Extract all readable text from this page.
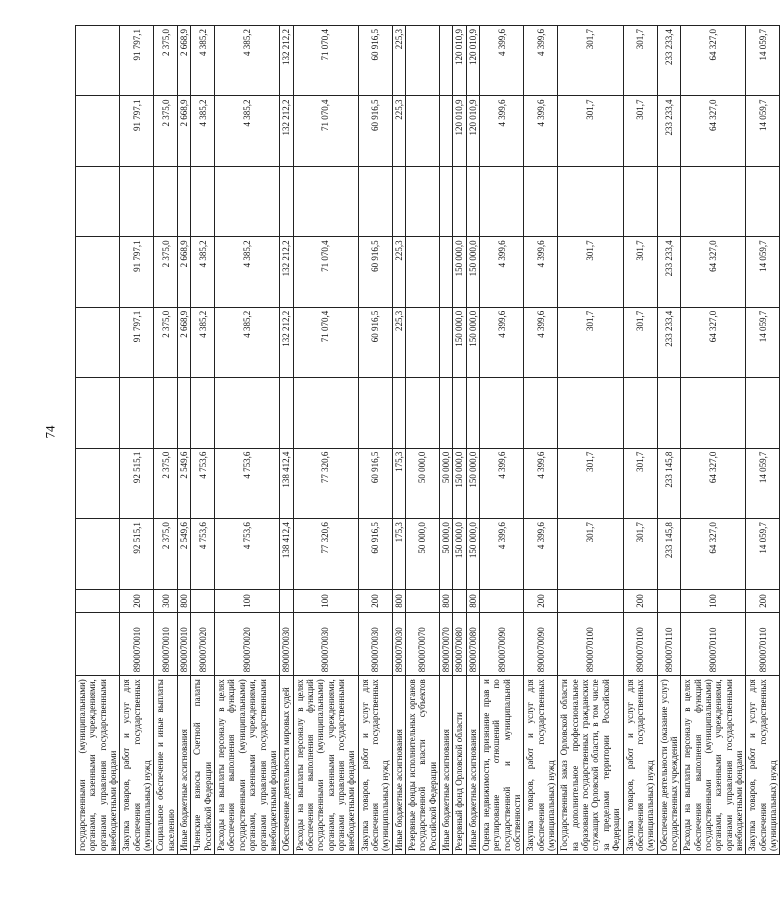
74
государственными (муниципальными) органами, казенными учреждениями, органами управления государственными внебюджетными фондами										
Закупка товаров, работ и услуг для обеспечения государственных (муниципальных) нужд	8900070010	200	92 515,1	92 515,1		91 797,1	91 797,1		91 797,1	91 797,1
Социальное обеспечение и иные выплаты населению	8900070010	300	2 375,0	2 375,0		2 375,0	2 375,0		2 375,0	2 375,0
Иные бюджетные ассигнования	8900070010	800	2 549,6	2 549,6		2 668,9	2 668,9		2 668,9	2 668,9
Членские взносы Счетной палаты Российской Федерации	8900070020		4 753,6	4 753,6		4 385,2	4 385,2		4 385,2	4 385,2
Расходы на выплаты персоналу в целях обеспечения выполнения функций государственными (муниципальными) органами, казенными учреждениями, органами управления государственными внебюджетными фондами	8900070020	100	4 753,6	4 753,6		4 385,2	4 385,2		4 385,2	4 385,2
Обеспечение деятельности мировых судей	8900070030		138 412,4	138 412,4		132 212,2	132 212,2		132 212,2	132 212,2
Расходы на выплаты персоналу в целях обеспечения выполнения функций государственными (муниципальными) органами, казенными учреждениями, органами управления государственными внебюджетными фондами	8900070030	100	77 320,6	77 320,6		71 070,4	71 070,4		71 070,4	71 070,4
Закупка товаров, работ и услуг для обеспечения государственных (муниципальных) нужд	8900070030	200	60 916,5	60 916,5		60 916,5	60 916,5		60 916,5	60 916,5
Иные бюджетные ассигнования	8900070030	800	175,3	175,3		225,3	225,3		225,3	225,3
Резервные фонды исполнительных органов государственной власти субъектов Российской Федерации	8900070070		50 000,0	50 000,0						
Иные бюджетные ассигнования	8900070070	800	50 000,0	50 000,0						
Резервный фонд Орловской области	8900070080		150 000,0	150 000,0		150 000,0	150 000,0		120 010,9	120 010,9
Иные бюджетные ассигнования	8900070080	800	150 000,0	150 000,0		150 000,0	150 000,0		120 010,9	120 010,9
Оценка недвижимости, признание прав и регулирование отношений по государственной и муниципальной собственности	8900070090		4 399,6	4 399,6		4 399,6	4 399,6		4 399,6	4 399,6
Закупка товаров, работ и услуг для обеспечения государственных (муниципальных) нужд	8900070090	200	4 399,6	4 399,6		4 399,6	4 399,6		4 399,6	4 399,6
Государственный заказ Орловской области на дополнительное профессиональное образование государственных гражданских служащих Орловской области, в том числе за пределами территории Российской Федерации	8900070100		301,7	301,7		301,7	301,7		301,7	301,7
Закупка товаров, работ и услуг для обеспечения государственных (муниципальных) нужд	8900070100	200	301,7	301,7		301,7	301,7		301,7	301,7
Обеспечение деятельности (оказание услуг) государственных учреждений	8900070110		233 145,8	233 145,8		233 233,4	233 233,4		233 233,4	233 233,4
Расходы на выплаты персоналу в целях обеспечения выполнения функций государственными (муниципальными) органами, казенными учреждениями, органами управления государственными внебюджетными фондами	8900070110	100	64 327,0	64 327,0		64 327,0	64 327,0		64 327,0	64 327,0
Закупка товаров, работ и услуг для обеспечения государственных (муниципальных) нужд	8900070110	200	14 059,7	14 059,7		14 059,7	14 059,7		14 059,7	14 059,7
